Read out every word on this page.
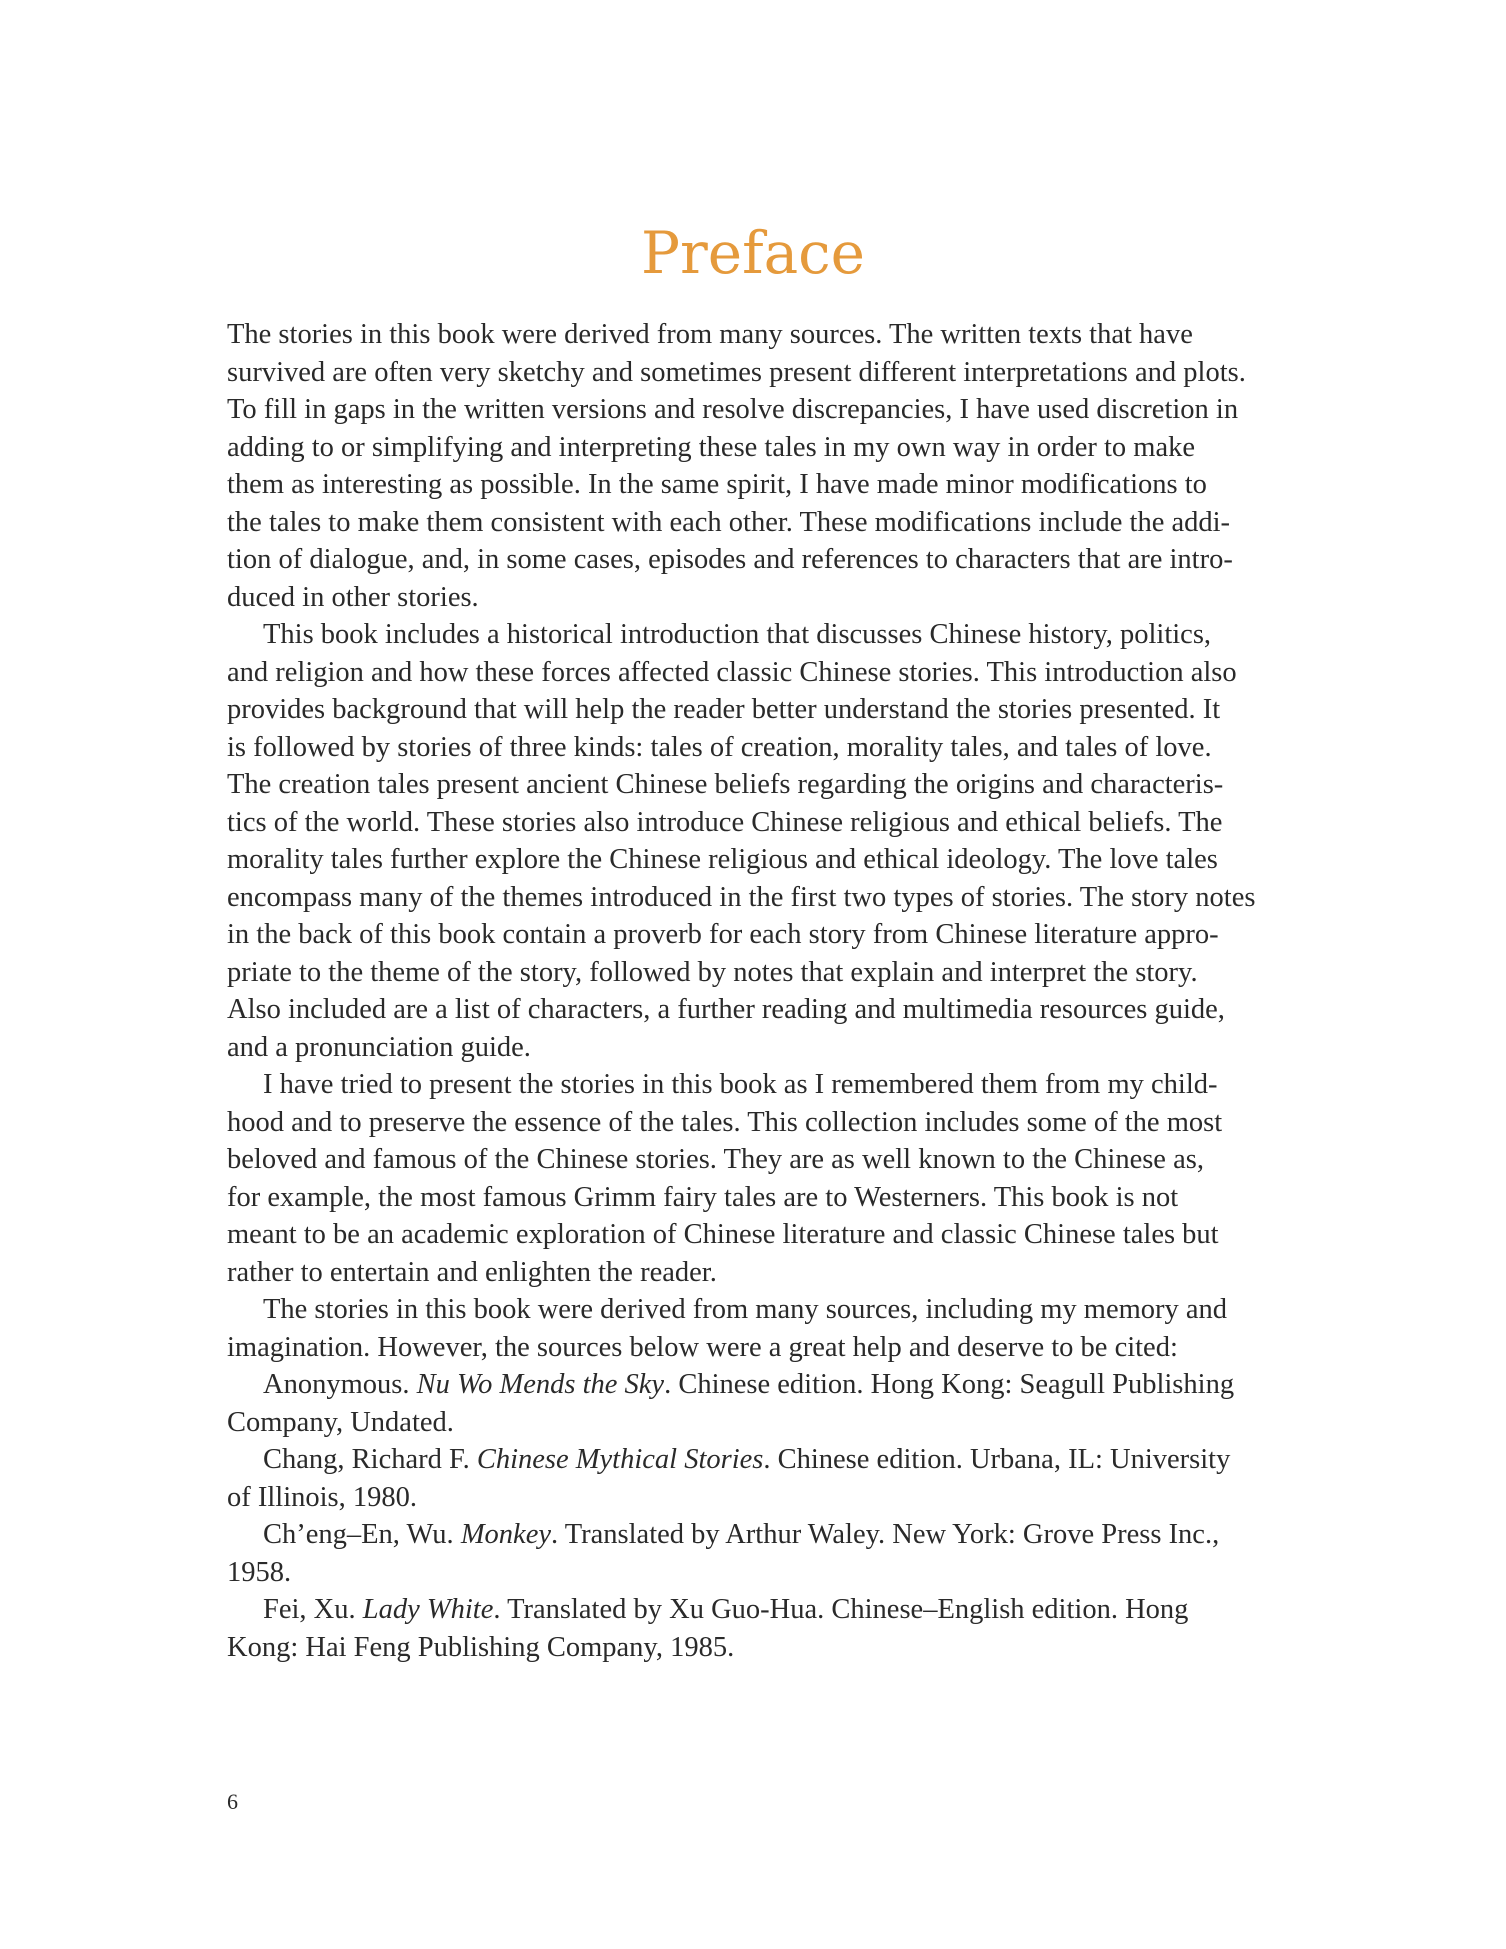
Preface

The stories in this book were derived from many sources. The written texts that have
survived are often very sketchy and sometimes present different interpretations and plots.
To fill in gaps in the written versions and resolve discrepancies, I have used discretion in
adding to or simplifying and interpreting these tales in my own way in order to make
them as interesting as possible. In the same spirit, I have made minor modifications to
the tales to make them consistent with each other. These modifications include the addi-
tion of dialogue, and, in some cases, episodes and references to characters that are intro-
duced in other stories.

This book includes a historical introduction that discusses Chinese history, politics,
and religion and how these forces affected classic Chinese stories. This introduction also
provides background that will help the reader better understand the stories presented. It
is followed by stories of three kinds: tales of creation, morality tales, and tales of love.
The creation tales present ancient Chinese beliefs regarding the origins and characteris-
tics of the world. These stories also introduce Chinese religious and ethical beliefs. The
morality tales further explore the Chinese religious and ethical ideology. The love tales
encompass many of the themes introduced in the first two types of stories. The story notes
in the back of this book contain a proverb for each story from Chinese literature appro-
priate to the theme of the story, followed by notes that explain and interpret the story.
Also included are a list of characters, a further reading and multimedia resources guide,
and a pronunciation guide.

I have tried to present the stories in this book as I remembered them from my child-
hood and to preserve the essence of the tales. This collection includes some of the most
beloved and famous of the Chinese stories. They are as well known to the Chinese as,
for example, the most famous Grimm fairy tales are to Westerners. This book is not
meant to be an academic exploration of Chinese literature and classic Chinese tales but
rather to entertain and enlighten the reader.

The stories in this book were derived from many sources, including my memory and
imagination. However, the sources below were a great help and deserve to be cited:

Anonymous. Nu Wo Mends the Sky. Chinese edition. Hong Kong: Seagull Publishing
Company, Undated.
Chang, Richard F. Chinese Mythical Stories. Chinese edition. Urbana, IL: University
of Illinois, 1980.
Ch’eng–En, Wu. Monkey. Translated by Arthur Waley. New York: Grove Press Inc.,
1958.
Fei, Xu. Lady White. Translated by Xu Guo-Hua. Chinese–English edition. Hong
Kong: Hai Feng Publishing Company, 1985.
6
